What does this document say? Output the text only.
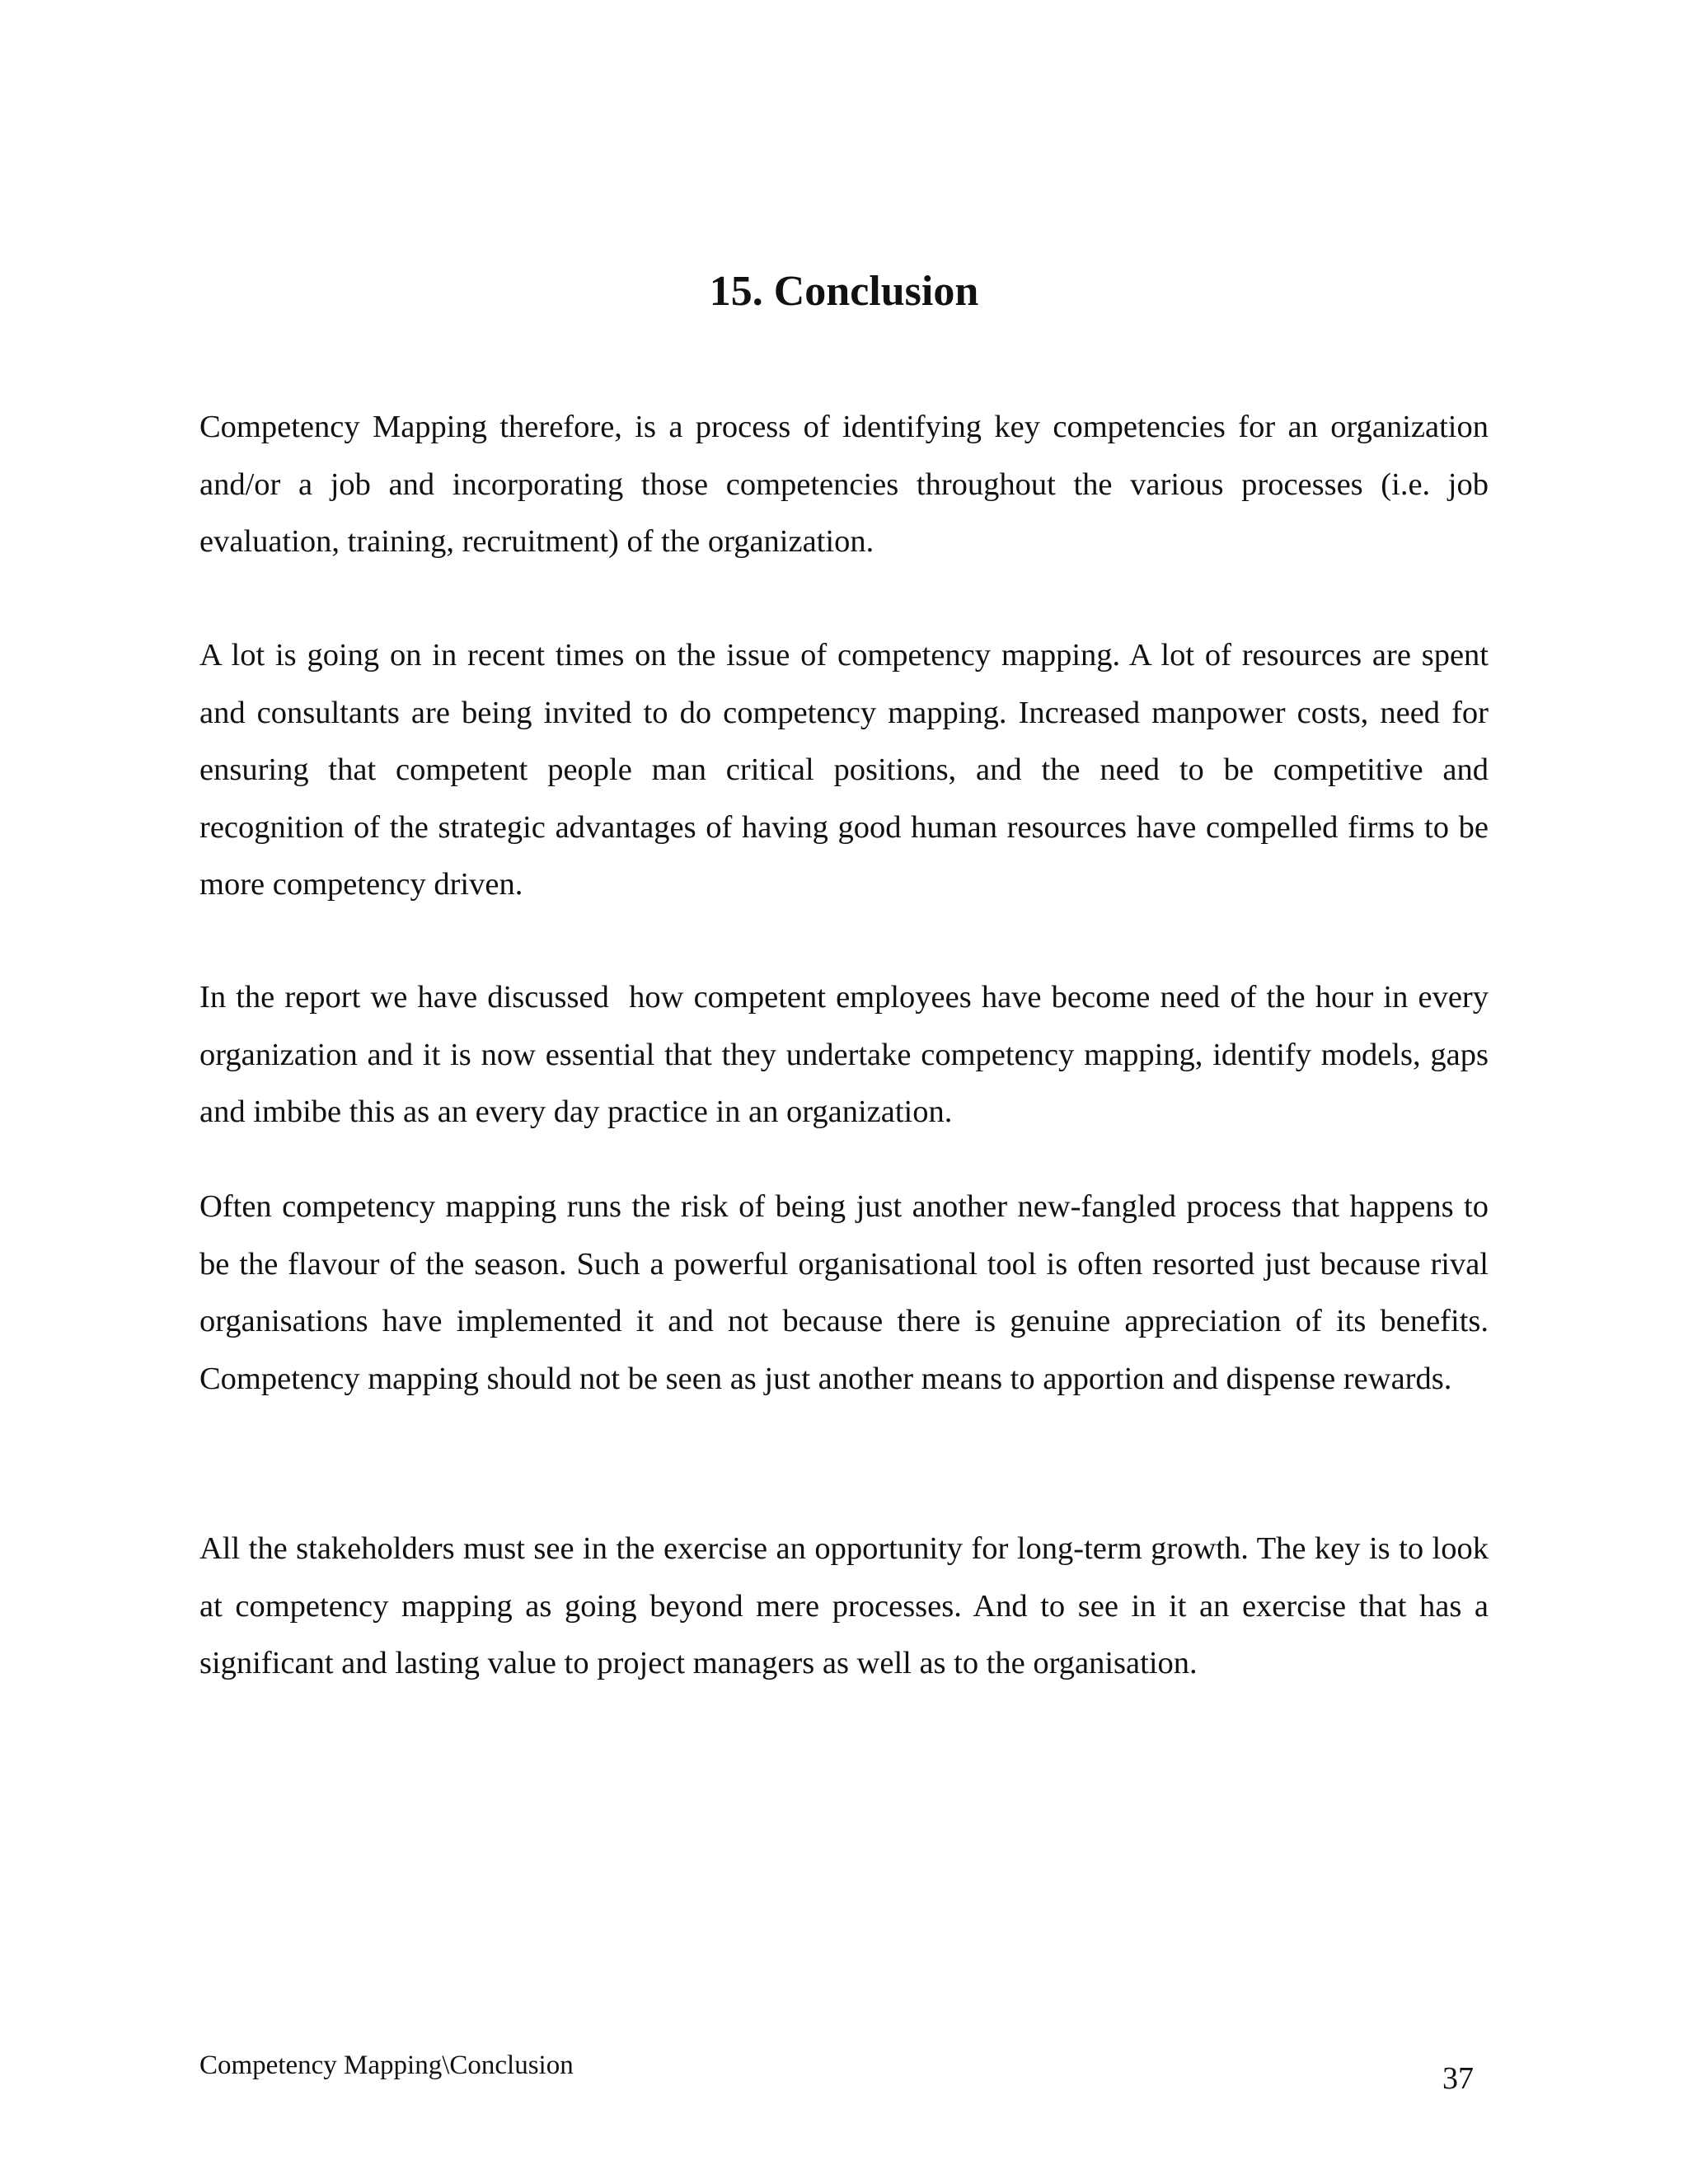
15. Conclusion

Competency Mapping therefore, is a process of identifying key competencies for an organization and/or a job and incorporating those competencies throughout the various processes (i.e. job evaluation, training, recruitment) of the organization.

A lot is going on in recent times on the issue of competency mapping. A lot of resources are spent and consultants are being invited to do competency mapping. Increased manpower costs, need for ensuring that competent people man critical positions, and the need to be competitive and recognition of the strategic advantages of having good human resources have compelled firms to be more competency driven.

In the report we have discussed  how competent employees have become need of the hour in every organization and it is now essential that they undertake competency mapping, identify models, gaps and imbibe this as an every day practice in an organization.

Often competency mapping runs the risk of being just another new-fangled process that happens to be the flavour of the season. Such a powerful organisational tool is often resorted just because rival organisations have implemented it and not because there is genuine appreciation of its benefits. Competency mapping should not be seen as just another means to apportion and dispense rewards.

All the stakeholders must see in the exercise an opportunity for long-term growth. The key is to look at competency mapping as going beyond mere processes. And to see in it an exercise that has a significant and lasting value to project managers as well as to the organisation.

Competency Mapping\Conclusion	37
